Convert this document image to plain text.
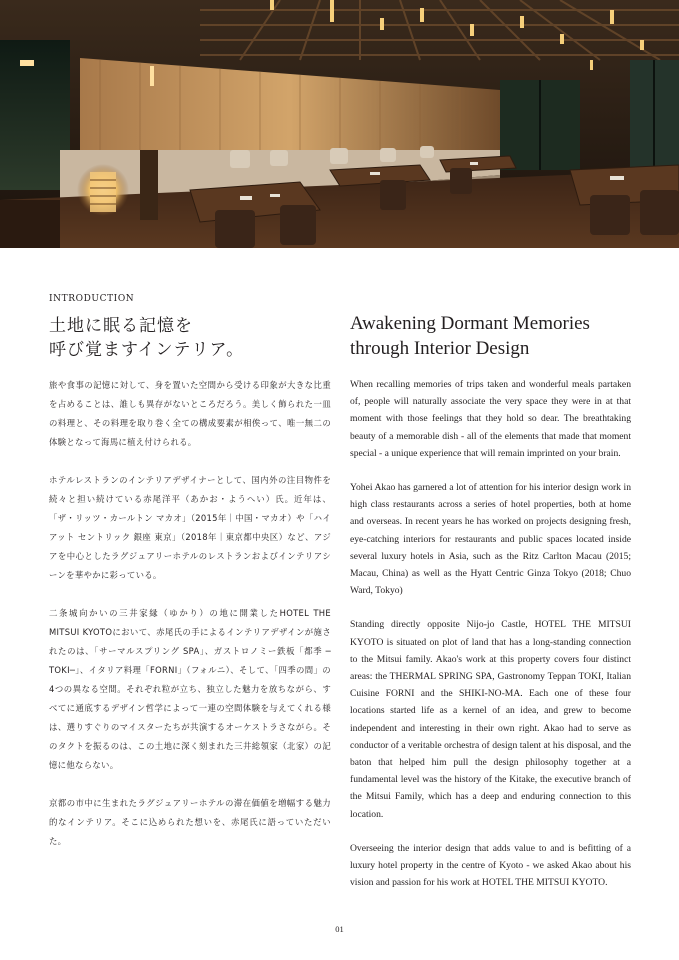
INTRODUCTION
土地に眠る記憶を
呼び覚ますインテリア。
Awakening Dormant Memories
through Interior Design

旅や食事の記憶に対して、身を置いた空間から受ける印象が大きな比重を占めることは、誰しも異存がないところだろう。美しく飾られた一皿の料理と、その料理を取り巻く全ての構成要素が相俟って、唯一無二の体験となって海馬に植え付けられる。

ホテルレストランのインテリアデザイナーとして、国内外の注目物件を続々と担い続けている赤尾洋平（あかお・ようへい）氏。近年は、「ザ・リッツ・カールトン マカオ」（2015年｜中国・マカオ）や「ハイアット セントリック 銀座 東京」（2018年｜東京都中央区）など、アジアを中心としたラグジュアリーホテルのレストランおよびインテリアシーンを華やかに彩っている。

二条城向かいの三井家縁（ゆかり）の地に開業したHOTEL THE MITSUI KYOTOにおいて、赤尾氏の手によるインテリアデザインが施されたのは、「サーマルスプリング SPA」、ガストロノミー鉄板「都季 ─ TOKI─」、イタリア料理「FORNI」（フォルニ）、そして、「四季の間」の4つの異なる空間。それぞれ粒が立ち、独立した魅力を放ちながら、すべてに通底するデザイン哲学によって一連の空間体験を与えてくれる様は、選りすぐりのマイスターたちが共演するオーケストラさながら。そのタクトを振るのは、この土地に深く刻まれた三井総領家（北家）の記憶に他ならない。

京都の市中に生まれたラグジュアリーホテルの滞在価値を増幅する魅力的なインテリア。そこに込められた想いを、赤尾氏に語っていただいた。

When recalling memories of trips taken and wonderful meals partaken of, people will naturally associate the very space they were in at that moment with those feelings that they hold so dear. The breathtaking beauty of a memorable dish - all of the elements that made that moment special - a unique experience that will remain imprinted on your brain.

Yohei Akao has garnered a lot of attention for his interior design work in high class restaurants across a series of hotel properties, both at home and overseas. In recent years he has worked on projects designing fresh, eye-catching interiors for restaurants and public spaces located inside several luxury hotels in Asia, such as the Ritz Carlton Macau (2015; Macau, China) as well as the Hyatt Centric Ginza Tokyo (2018; Chuo Ward, Tokyo)

Standing directly opposite Nijo-jo Castle, HOTEL THE MITSUI KYOTO is situated on plot of land that has a long-standing connection to the Mitsui family. Akao's work at this property covers four distinct areas: the THERMAL SPRING SPA, Gastronomy Teppan TOKI, Italian Cuisine FORNI and the SHIKI-NO-MA. Each one of these four locations started life as a kernel of an idea, and grew to become independent and interesting in their own right. Akao had to serve as conductor of a veritable orchestra of design talent at his disposal, and the baton that helped him pull the design philosophy together at a fundamental level was the history of the Kitake, the executive branch of the Mitsui Family, which has a deep and enduring connection to this location.

Overseeing the interior design that adds value to and is befitting of a luxury hotel property in the centre of Kyoto - we asked Akao about his vision and passion for his work at HOTEL THE MITSUI KYOTO.

01
